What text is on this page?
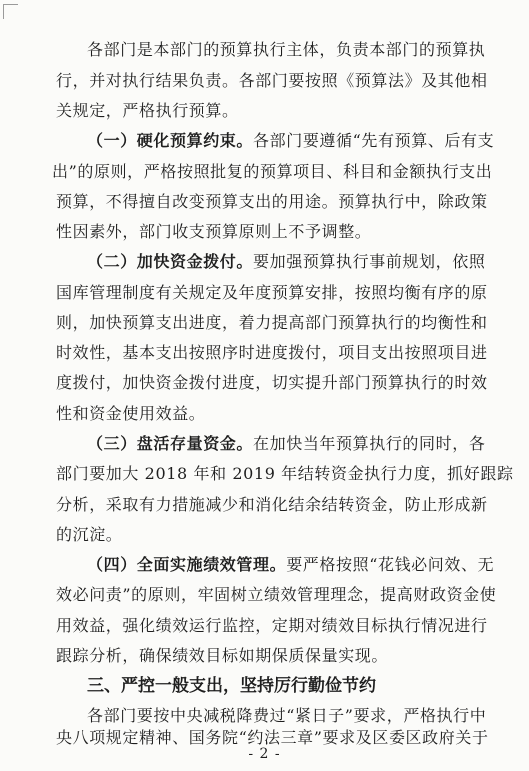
各部门是本部门的预算执行主体，负责本部门的预算执
行，并对执行结果负责。各部门要按照《预算法》及其他相
关规定，严格执行预算。
（一）硬化预算约束。各部门要遵循“先有预算、后有支
出”的原则，严格按照批复的预算项目、科目和金额执行支出
预算，不得擅自改变预算支出的用途。预算执行中，除政策
性因素外，部门收支预算原则上不予调整。
（二）加快资金拨付。要加强预算执行事前规划，依照
国库管理制度有关规定及年度预算安排，按照均衡有序的原
则，加快预算支出进度，着力提高部门预算执行的均衡性和
时效性，基本支出按照序时进度拨付，项目支出按照项目进
度拨付，加快资金拨付进度，切实提升部门预算执行的时效
性和资金使用效益。
（三）盘活存量资金。在加快当年预算执行的同时，各
部门要加大 2018 年和 2019 年结转资金执行力度，抓好跟踪
分析，采取有力措施减少和消化结余结转资金，防止形成新
的沉淀。
（四）全面实施绩效管理。要严格按照“花钱必问效、无
效必问责”的原则，牢固树立绩效管理理念，提高财政资金使
用效益，强化绩效运行监控，定期对绩效目标执行情况进行
跟踪分析，确保绩效目标如期保质保量实现。
三、严控一般支出，坚持厉行勤俭节约
各部门要按中央减税降费过“紧日子”要求，严格执行中
央八项规定精神、国务院“约法三章”要求及区委区政府关于
- 2 -
